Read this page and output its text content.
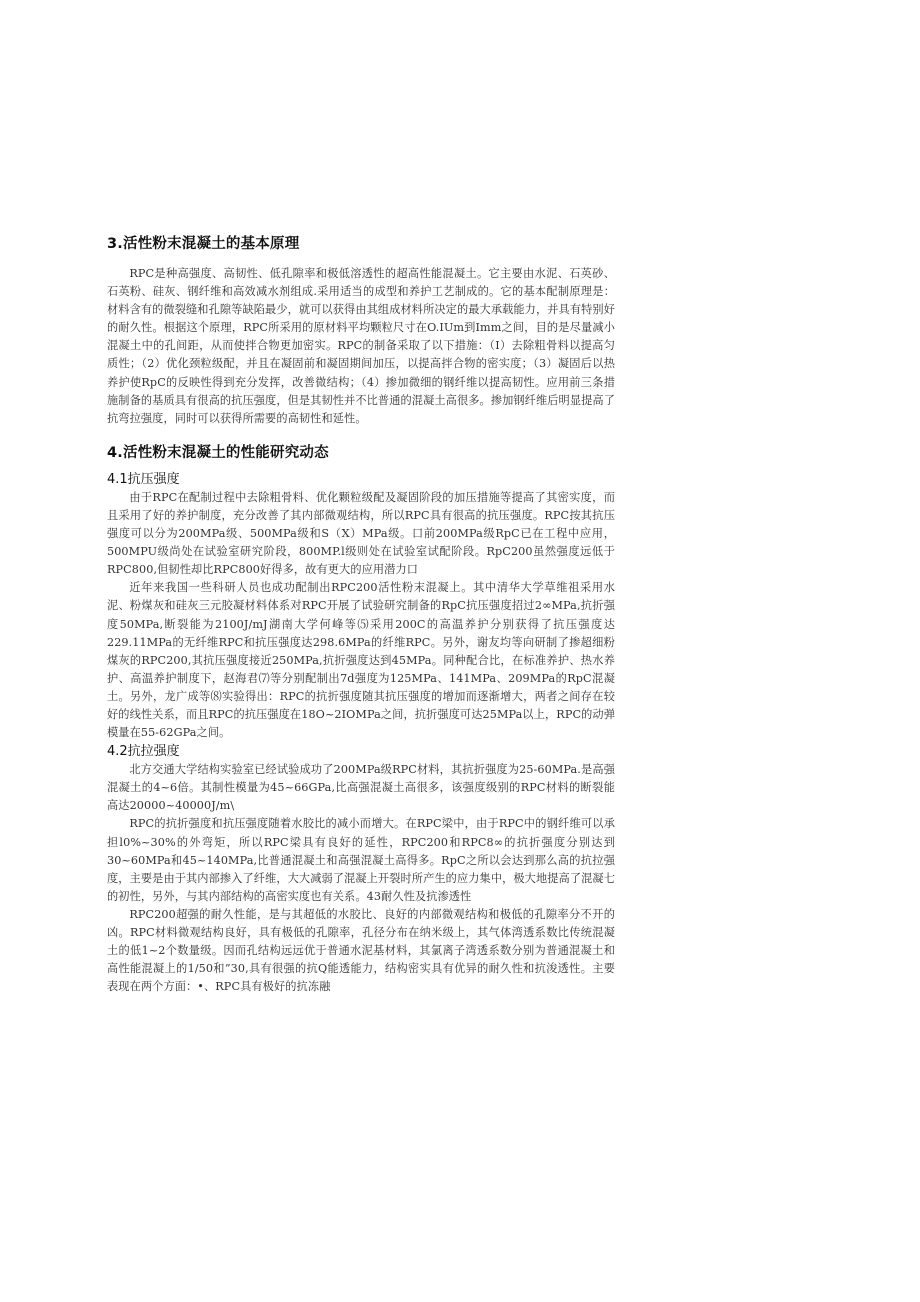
3.活性粉末混凝土的基本原理

RPC是种高强度、高韧性、低孔隙率和极低溶透性的超高性能混凝土。它主要由水泥、石英砂、石英粉、硅灰、钢纤维和高效减水剂组成.采用适当的成型和养护工艺制成的。它的基本配制原理是：材料含有的微裂缝和孔隙等缺陷最少，就可以获得由其组成材料所决定的最大承载能力，并具有特别好的耐久性。根据这个原理，RPC所采用的原材料平均颗粒尺寸在O.IUm到Imm之间，目的是尽量减小混凝土中的孔间距，从而使拌合物更加密实。RPC的制备采取了以下措施：（I）去除粗骨料以提高匀质性；（2）优化颈粒级配，并且在凝固前和凝固期间加压，以提高拌合物的密实度；（3）凝固后以热养护使RpC的反映性得到充分发挥，改善微结构；（4）掺加微细的钢纤维以提高韧性。应用前三条措施制备的基质具有很高的抗压强度，但是其韧性并不比普通的混凝土高很多。掺加钢纤维后明显提高了抗弯拉强度，同时可以获得所需要的高韧性和延性。

4.活性粉末混凝土的性能研究动态
4.1抗压强度

由于RPC在配制过程中去除粗骨料、优化颗粒级配及凝固阶段的加压措施等提高了其密实度，而且采用了好的养护制度，充分改善了其内部微观结构，所以RPC具有很高的抗压强度。RPC按其抗压强度可以分为200MPa级、500MPa级和S（X）MPa级。口前200MPa级RpC已在工程中应用，500MPU级尚处在试验室研究阶段，800MP.l级则处在试验室试配阶段。RpC200虽然强度远低于RPC800,但韧性却比RPC800好得多，故有更大的应用潜力口

近年来我国一些科研人员也成功配制出RPC200活性粉末混凝上。其中清华大学草维祖采用水泥、粉煤灰和硅灰三元胶凝材料体系对RPC开展了试验研究制备的RpC抗压强度招过2∞MPa,抗折强度50MPa,断裂能为2100J/mJ湖南大学何峰等⑸采用200C的高温养护分别获得了抗压强度达229.11MPa的无纤维RPC和抗压强度达298.6MPa的纤维RPC。另外，谢友均等向研制了掺超细粉煤灰的RPC200,其抗压强度接近250MPa,抗折强度达到45MPa。同种配合比，在标准养护、热水养护、高温养护制度下，赵海君⑺等分别配制出7d强度为125MPa、141MPa、209MPa的RpC混凝土。另外，龙广成等⑻实验得出：RPC的抗折强度随其抗压强度的增加而逐渐增大，两者之间存在较好的线性关系，而且RPC的抗压强度在18O~2IOMPa之间，抗折强度可达25MPa以上，RPC的动弹模量在55-62GPa之间。

4.2抗拉强度

北方交通大学结构实验室已经试验成功了200MPa级RPC材料，其抗折强度为25-60MPa.是高强混凝土的4~6倍。其制性模量为45~66GPa,比高强混凝土高很多，该强度级别的RPC材料的断裂能高达20000~40000J/m\

RPC的抗折强度和抗压强度随着水胶比的减小而增大。在RPC梁中，由于RPC中的钢纤维可以承担l0%~30%的外弯矩，所以RPC梁具有良好的延性，RPC200和RPC8∞的抗折强度分别达到30~60MPa和45~140MPa,比普通混凝土和高强混凝土高得多。RpC之所以会达到那么高的抗拉强度，主要是由于其内部掺入了纤维，大大减弱了混凝上开裂时所产生的应力集中，极大地提高了混凝七的初性，另外，与其内部结构的高密实度也有关系。43耐久性及抗渗透性

RPC200超强的耐久性能，是与其超低的水胶比、良好的内部微观结构和极低的孔隙率分不开的凶。RPC材料微观结构良好，具有极低的孔隙率，孔径分布在纳米级上，其气体湾透系数比传统混凝土的低1~2个数量级。因而孔结构远远优于普通水泥基材料，其氯离子湾透系数分别为普通混凝土和高性能混凝上的1/50和”30,具有很强的抗Q能透能力，结构密实具有优异的耐久性和抗浚透性。主要表现在两个方面：•、RPC具有极好的抗冻融
